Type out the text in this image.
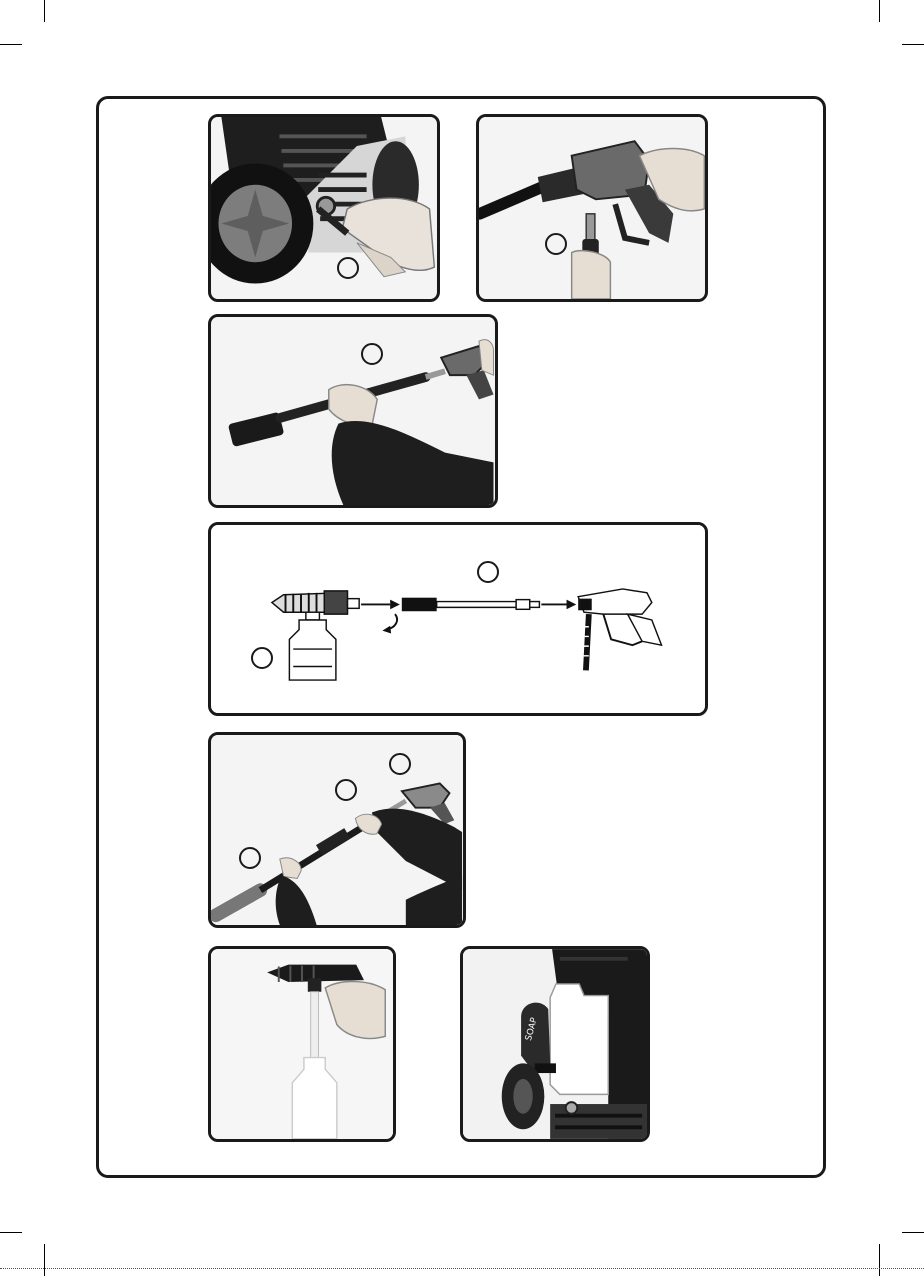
SOAP
